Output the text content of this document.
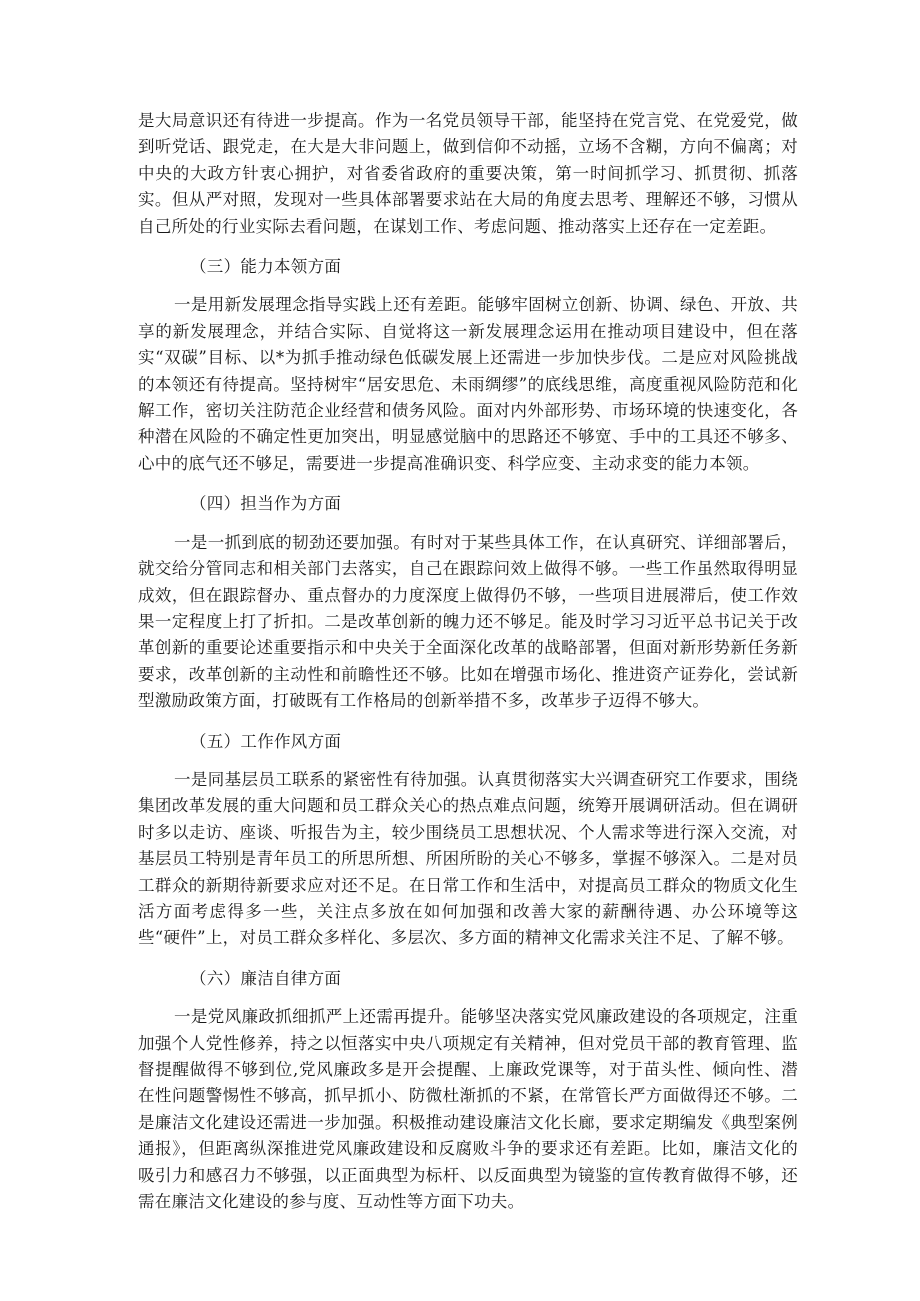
是大局意识还有待进一步提高。作为一名党员领导干部，能坚持在党言党、在党爱党，做到听党话、跟党走，在大是大非问题上，做到信仰不动摇，立场不含糊，方向不偏离；对中央的大政方针衷心拥护，对省委省政府的重要决策，第一时间抓学习、抓贯彻、抓落实。但从严对照，发现对一些具体部署要求站在大局的角度去思考、理解还不够，习惯从自己所处的行业实际去看问题，在谋划工作、考虑问题、推动落实上还存在一定差距。

（三）能力本领方面

一是用新发展理念指导实践上还有差距。能够牢固树立创新、协调、绿色、开放、共享的新发展理念，并结合实际、自觉将这一新发展理念运用在推动项目建设中，但在落实“双碳”目标、以*为抓手推动绿色低碳发展上还需进一步加快步伐。二是应对风险挑战的本领还有待提高。坚持树牢“居安思危、未雨绸缪”的底线思维，高度重视风险防范和化解工作，密切关注防范企业经营和债务风险。面对内外部形势、市场环境的快速变化，各种潜在风险的不确定性更加突出，明显感觉脑中的思路还不够宽、手中的工具还不够多、心中的底气还不够足，需要进一步提高准确识变、科学应变、主动求变的能力本领。

（四）担当作为方面

一是一抓到底的韧劲还要加强。有时对于某些具体工作，在认真研究、详细部署后，就交给分管同志和相关部门去落实，自己在跟踪问效上做得不够。一些工作虽然取得明显成效，但在跟踪督办、重点督办的力度深度上做得仍不够，一些项目进展滞后，使工作效果一定程度上打了折扣。二是改革创新的魄力还不够足。能及时学习习近平总书记关于改革创新的重要论述重要指示和中央关于全面深化改革的战略部署，但面对新形势新任务新要求，改革创新的主动性和前瞻性还不够。比如在增强市场化、推进资产证券化，尝试新型激励政策方面，打破既有工作格局的创新举措不多，改革步子迈得不够大。

（五）工作作风方面

一是同基层员工联系的紧密性有待加强。认真贯彻落实大兴调查研究工作要求，围绕集团改革发展的重大问题和员工群众关心的热点难点问题，统筹开展调研活动。但在调研时多以走访、座谈、听报告为主，较少围绕员工思想状况、个人需求等进行深入交流，对基层员工特别是青年员工的所思所想、所困所盼的关心不够多，掌握不够深入。二是对员工群众的新期待新要求应对还不足。在日常工作和生活中，对提高员工群众的物质文化生活方面考虑得多一些，关注点多放在如何加强和改善大家的薪酬待遇、办公环境等这些“硬件”上，对员工群众多样化、多层次、多方面的精神文化需求关注不足、了解不够。

（六）廉洁自律方面

一是党风廉政抓细抓严上还需再提升。能够坚决落实党风廉政建设的各项规定，注重加强个人党性修养，持之以恒落实中央八项规定有关精神，但对党员干部的教育管理、监督提醒做得不够到位,党风廉政多是开会提醒、上廉政党课等，对于苗头性、倾向性、潜在性问题警惕性不够高，抓早抓小、防微杜渐抓的不紧，在常管长严方面做得还不够。二是廉洁文化建设还需进一步加强。积极推动建设廉洁文化长廊，要求定期编发《典型案例通报》，但距离纵深推进党风廉政建设和反腐败斗争的要求还有差距。比如，廉洁文化的吸引力和感召力不够强，以正面典型为标杆、以反面典型为镜鉴的宣传教育做得不够，还需在廉洁文化建设的参与度、互动性等方面下功夫。
